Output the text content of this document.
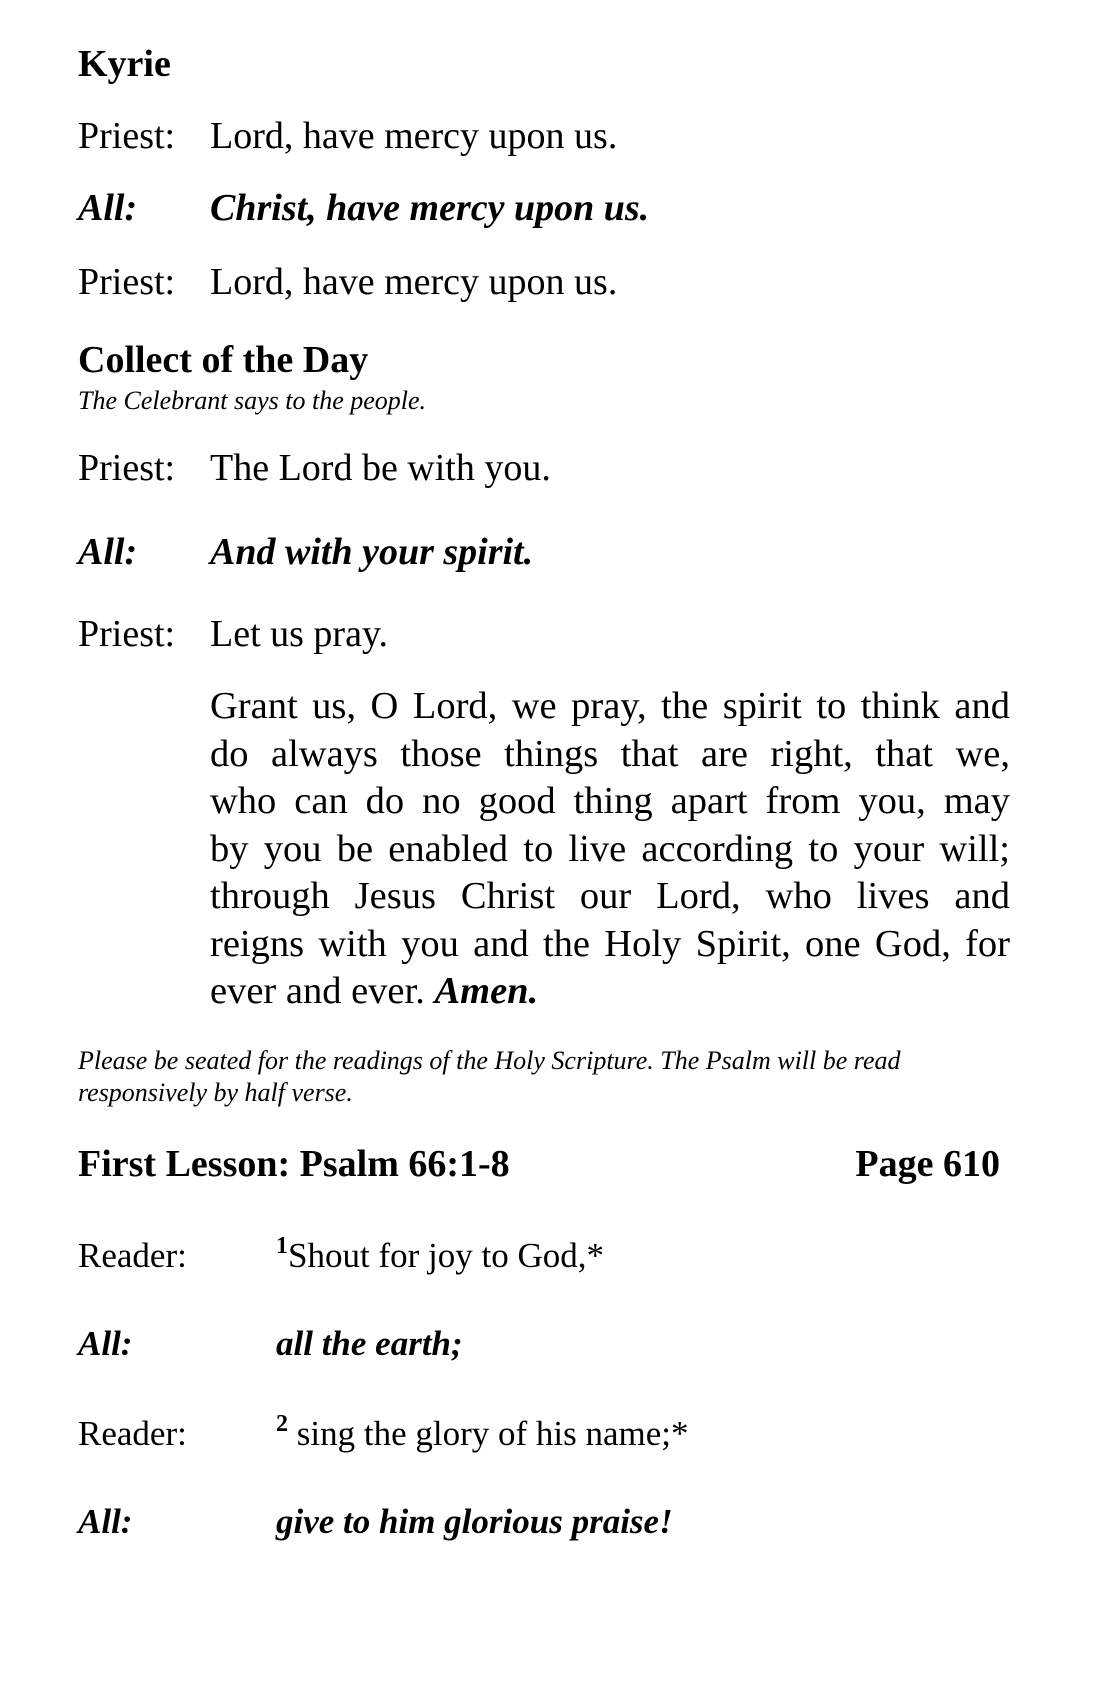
Kyrie
Priest: Lord, have mercy upon us.
All: Christ, have mercy upon us.
Priest: Lord, have mercy upon us.
Collect of the Day
The Celebrant says to the people.
Priest: The Lord be with you.
All: And with your spirit.
Priest: Let us pray.
Grant us, O Lord, we pray, the spirit to think and
do always those things that are right, that we,
who can do no good thing apart from you, may
by you be enabled to live according to your will;
through Jesus Christ our Lord, who lives and
reigns with you and the Holy Spirit, one God, for
ever and ever. Amen.
Please be seated for the readings of the Holy Scripture. The Psalm will be read
responsively by half verse.
First Lesson: Psalm 66:1-8	Page 610
Reader:	$^1$Shout for joy to God,*
All:	all the earth;
Reader:	$^2$ sing the glory of his name;*
All:	give to him glorious praise!
